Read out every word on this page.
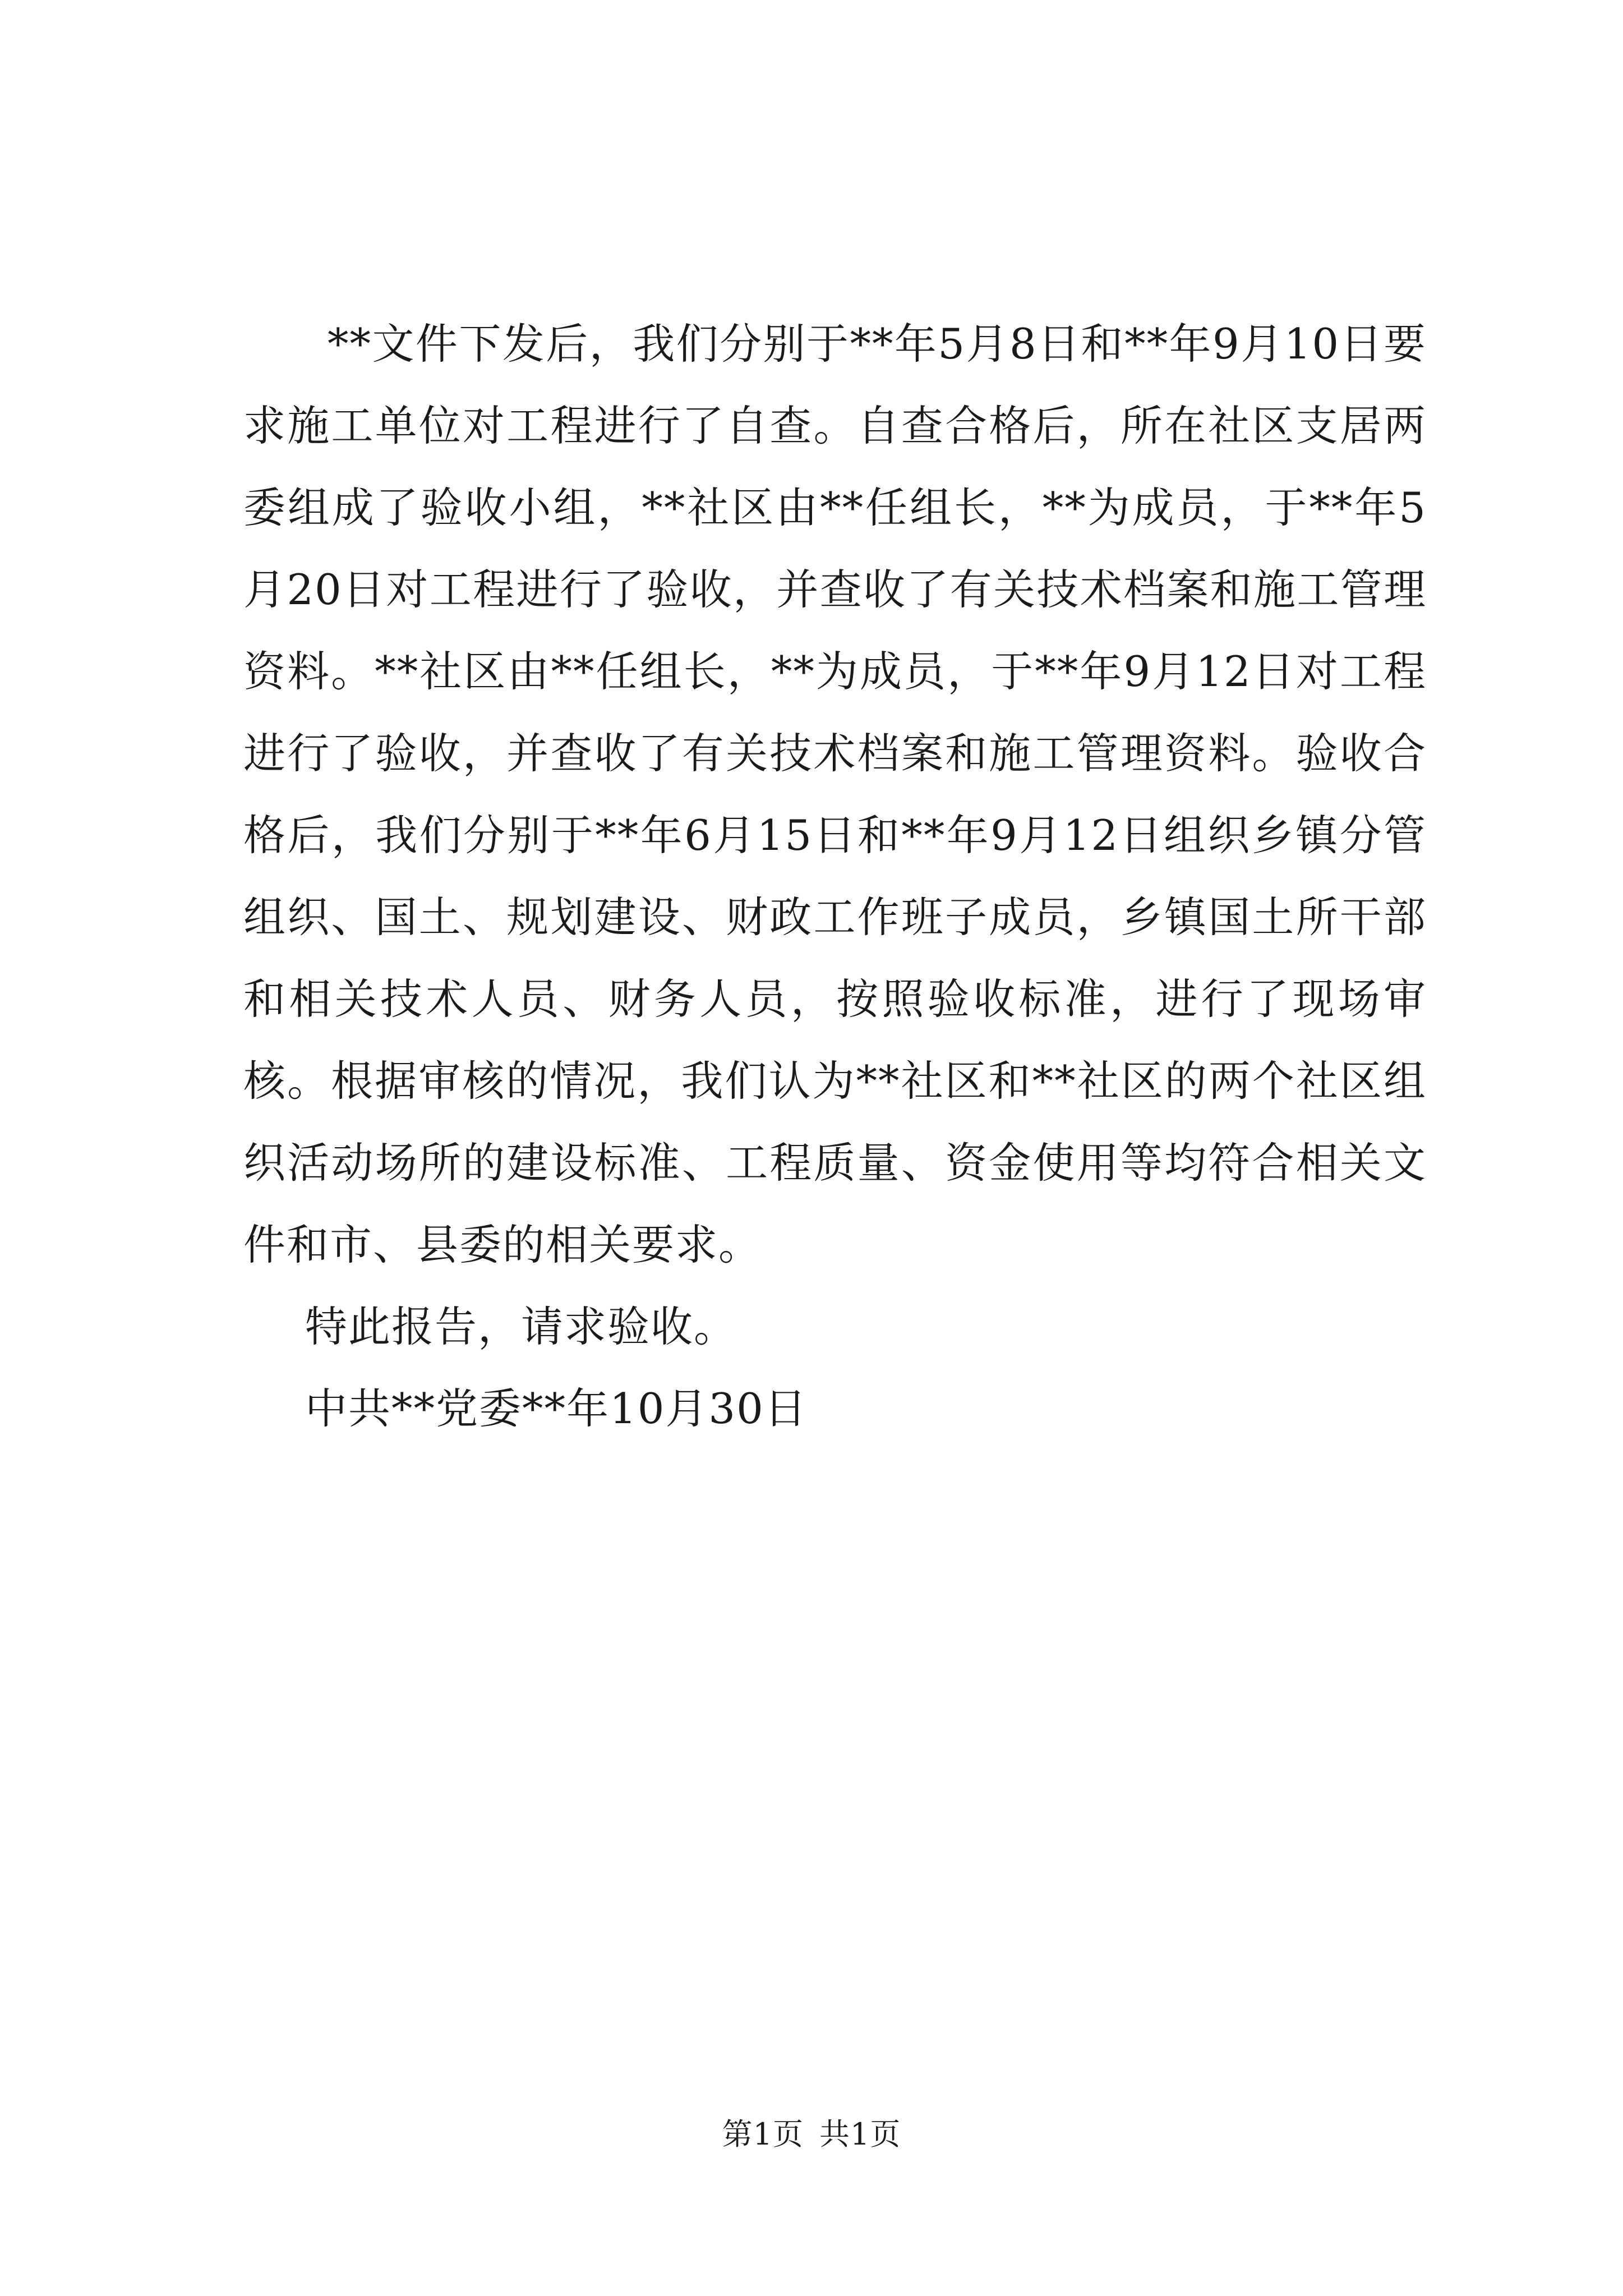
**文件下发后，我们分别于**年5月8日和**年9月10日要求施工单位对工程进行了自查。自查合格后，所在社区支居两委组成了验收小组，**社区由**任组长，**为成员，于**年5月20日对工程进行了验收，并查收了有关技术档案和施工管理资料。**社区由**任组长，**为成员，于**年9月12日对工程进行了验收，并查收了有关技术档案和施工管理资料。验收合格后，我们分别于**年6月15日和**年9月12日组织乡镇分管组织、国土、规划建设、财政工作班子成员，乡镇国土所干部和相关技术人员、财务人员，按照验收标准，进行了现场审核。根据审核的情况，我们认为**社区和**社区的两个社区组织活动场所的建设标准、工程质量、资金使用等均符合相关文件和市、县委的相关要求。

特此报告，请求验收。

中共**党委**年10月30日

第1页 共1页
